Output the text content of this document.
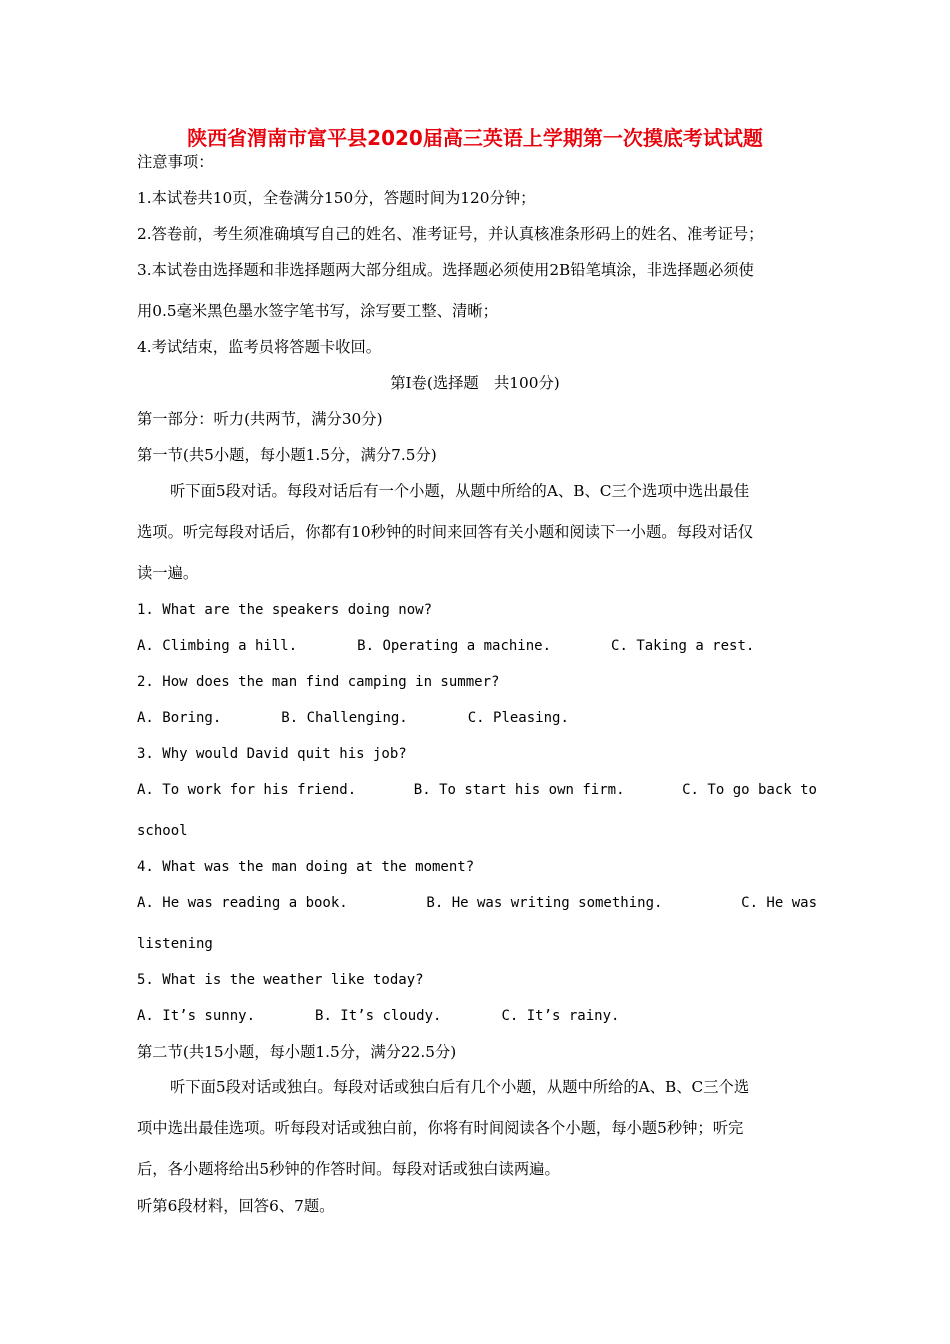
陕西省渭南市富平县2020届高三英语上学期第一次摸底考试试题
注意事项：
1.本试卷共10页，全卷满分150分，答题时间为120分钟；
2.答卷前，考生须准确填写自己的姓名、准考证号，并认真核准条形码上的姓名、准考证号；
3.本试卷由选择题和非选择题两大部分组成。选择题必须使用2B铅笔填涂，非选择题必须使
用0.5毫米黑色墨水签字笔书写，涂写要工整、清晰；
4.考试结束，监考员将答题卡收回。
第Ⅰ卷(选择题　共100分)
第一部分：听力(共两节，满分30分)
第一节(共5小题，每小题1.5分，满分7.5分)
听下面5段对话。每段对话后有一个小题，从题中所给的A、B、C三个选项中选出最佳
选项。听完每段对话后，你都有10秒钟的时间来回答有关小题和阅读下一小题。每段对话仅
读一遍。
1. What are the speakers doing now?
A. Climbing a hill.	B. Operating a machine.	C. Taking a rest.
2. How does the man find camping in summer?
A. Boring.	B. Challenging.	C. Pleasing.
3. Why would David quit his job?
A. To work for his friend.	B. To start his own firm.	C. To go back to
school
4. What was the man doing at the moment?
A. He was reading a book.	B. He was writing something.	C. He was
listening
5. What is the weather like today?
A. It’s sunny.	B. It’s cloudy.	C. It’s rainy.
第二节(共15小题，每小题1.5分，满分22.5分)
听下面5段对话或独白。每段对话或独白后有几个小题，从题中所给的A、B、C三个选
项中选出最佳选项。听每段对话或独白前，你将有时间阅读各个小题，每小题5秒钟；听完
后，各小题将给出5秒钟的作答时间。每段对话或独白读两遍。
听第6段材料，回答6、7题。
